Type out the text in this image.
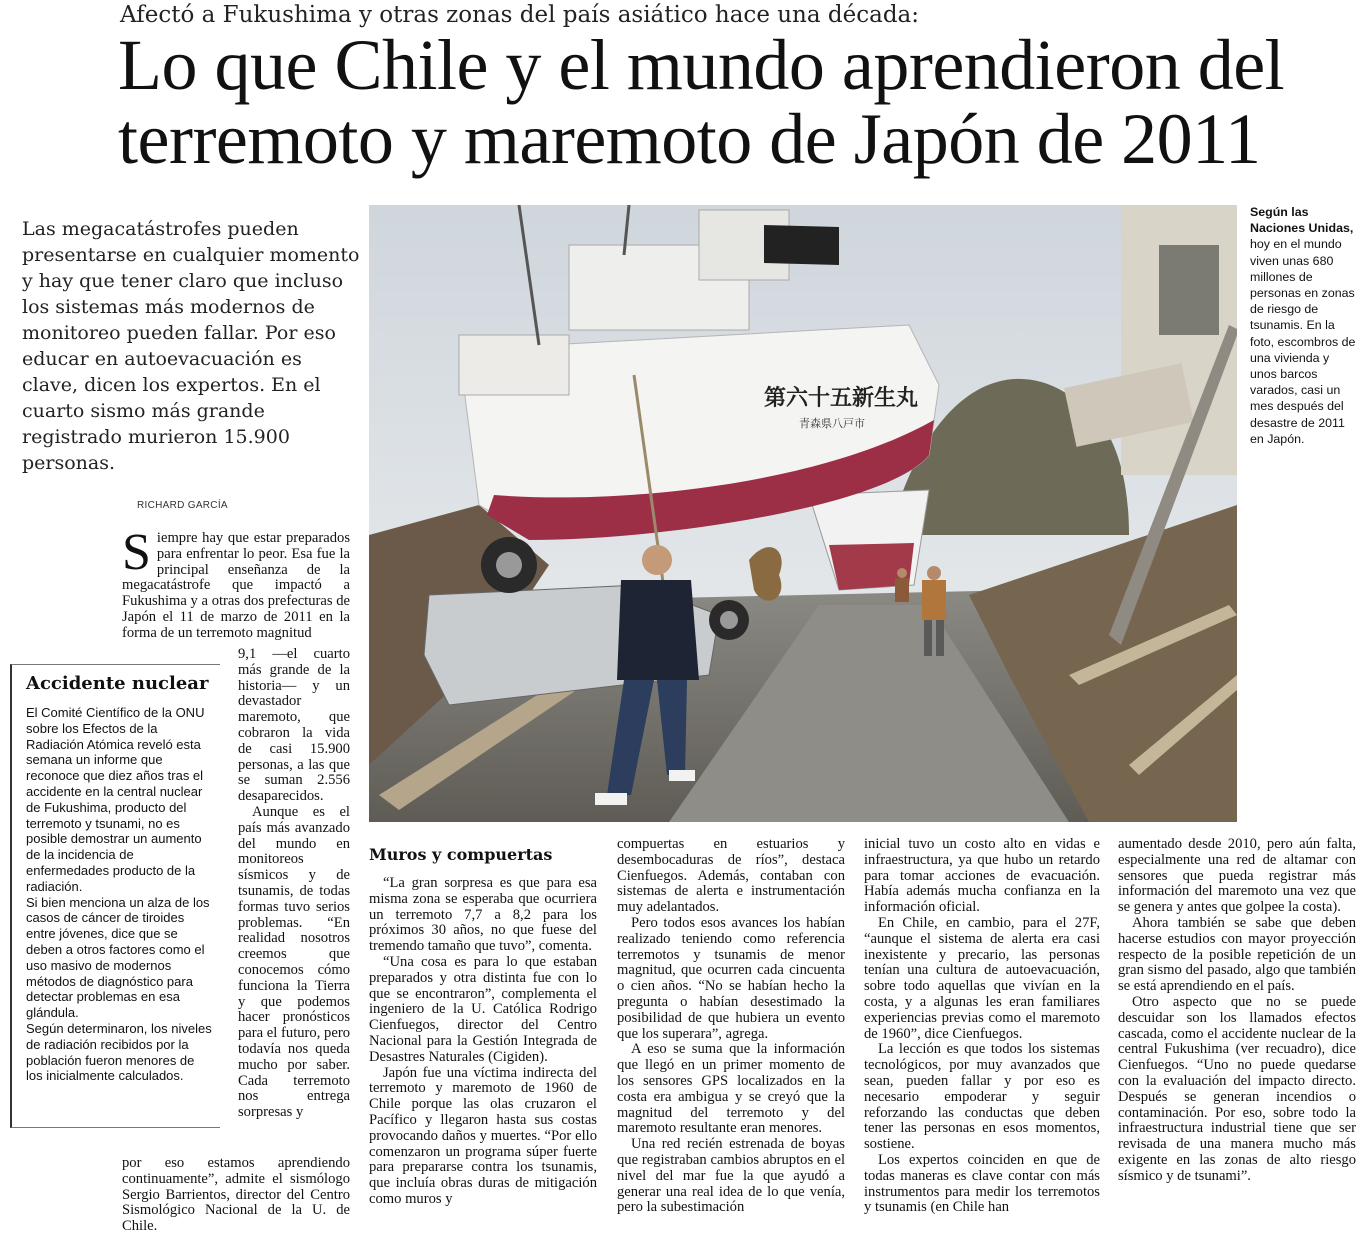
Afectó a Fukushima y otras zonas del país asiático hace una década:
Lo que Chile y el mundo aprendieron del
terremoto y maremoto de Japón de 2011
Las megacatástrofes pueden presentarse en cualquier momento y hay que tener claro que incluso los sistemas más modernos de monitoreo pueden fallar. Por eso educar en autoevacuación es clave, dicen los expertos. En el cuarto sismo más grande registrado murieron 15.900 personas.
RICHARD GARCÍA
S iempre hay que estar preparados para enfrentar lo peor. Esa fue la principal enseñanza de la megacatástrofe que impactó a Fukushima y a otras dos prefecturas de Japón el 11 de marzo de 2011 en la forma de un terremoto magnitud

9,1 —el cuarto más grande de la historia— y un devastador maremoto, que cobraron la vida de casi 15.900 personas, a las que se suman 2.556 desaparecidos.

Aunque es el país más avanzado del mundo en monitoreos sísmicos y de tsunamis, de todas formas tuvo serios problemas. “En realidad nosotros creemos que conocemos cómo funciona la Tierra y que podemos hacer pronósticos para el futuro, pero todavía nos queda mucho por saber. Cada terremoto nos entrega sorpresas y

por eso estamos aprendiendo continuamente”, admite el sismólogo Sergio Barrientos, director del Centro Sismológico Nacional de la U. de Chile.

Accidente nuclear

El Comité Científico de la ONU sobre los Efectos de la Radiación Atómica reveló esta semana un informe que reconoce que diez años tras el accidente en la central nuclear de Fukushima, producto del terremoto y tsunami, no es posible demostrar un aumento de la incidencia de enfermedades producto de la radiación.

Si bien menciona un alza de los casos de cáncer de tiroides entre jóvenes, dice que se deben a otros factores como el uso masivo de modernos métodos de diagnóstico para detectar problemas en esa glándula.

Según determinaron, los niveles de radiación recibidos por la población fueron menores de los inicialmente calculados.

第六十五新生丸
青森県八戸市
Según las Naciones Unidas, hoy en el mundo viven unas 680 millones de personas en zonas de riesgo de tsunamis. En la foto, escombros de una vivienda y unos barcos varados, casi un mes después del desastre de 2011 en Japón.
Muros y compuertas

“La gran sorpresa es que para esa misma zona se esperaba que ocurriera un terremoto 7,7 a 8,2 para los próximos 30 años, no que fuese del tremendo tamaño que tuvo”, comenta.

“Una cosa es para lo que estaban preparados y otra distinta fue con lo que se encontraron”, complementa el ingeniero de la U. Católica Rodrigo Cienfuegos, director del Centro Nacional para la Gestión Integrada de Desastres Naturales (Cigiden).

Japón fue una víctima indirecta del terremoto y maremoto de 1960 de Chile porque las olas cruzaron el Pacífico y llegaron hasta sus costas provocando daños y muertes. “Por ello comenzaron un programa súper fuerte para prepararse contra los tsunamis, que incluía obras duras de mitigación como muros y

compuertas en estuarios y desembocaduras de ríos”, destaca Cienfuegos. Además, contaban con sistemas de alerta e instrumentación muy adelantados.

Pero todos esos avances los habían realizado teniendo como referencia terremotos y tsunamis de menor magnitud, que ocurren cada cincuenta o cien años. “No se habían hecho la pregunta o habían desestimado la posibilidad de que hubiera un evento que los superara”, agrega.

A eso se suma que la información que llegó en un primer momento de los sensores GPS localizados en la costa era ambigua y se creyó que la magnitud del terremoto y del maremoto resultante eran menores.

Una red recién estrenada de boyas que registraban cambios abruptos en el nivel del mar fue la que ayudó a generar una real idea de lo que venía, pero la subestimación

inicial tuvo un costo alto en vidas e infraestructura, ya que hubo un retardo para tomar acciones de evacuación. Había además mucha confianza en la información oficial.

En Chile, en cambio, para el 27F, “aunque el sistema de alerta era casi inexistente y precario, las personas tenían una cultura de autoevacuación, sobre todo aquellas que vivían en la costa, y a algunas les eran familiares experiencias previas como el maremoto de 1960”, dice Cienfuegos.

La lección es que todos los sistemas tecnológicos, por muy avanzados que sean, pueden fallar y por eso es necesario empoderar y seguir reforzando las conductas que deben tener las personas en esos momentos, sostiene.

Los expertos coinciden en que de todas maneras es clave contar con más instrumentos para medir los terremotos y tsunamis (en Chile han

aumentado desde 2010, pero aún falta, especialmente una red de altamar con sensores que pueda registrar más información del maremoto una vez que se genera y antes que golpee la costa).

Ahora también se sabe que deben hacerse estudios con mayor proyección respecto de la posible repetición de un gran sismo del pasado, algo que también se está aprendiendo en el país.

Otro aspecto que no se puede descuidar son los llamados efectos cascada, como el accidente nuclear de la central Fukushima (ver recuadro), dice Cienfuegos. “Uno no puede quedarse con la evaluación del impacto directo. Después se generan incendios o contaminación. Por eso, sobre todo la infraestructura industrial tiene que ser revisada de una manera mucho más exigente en las zonas de alto riesgo sísmico y de tsunami”.
